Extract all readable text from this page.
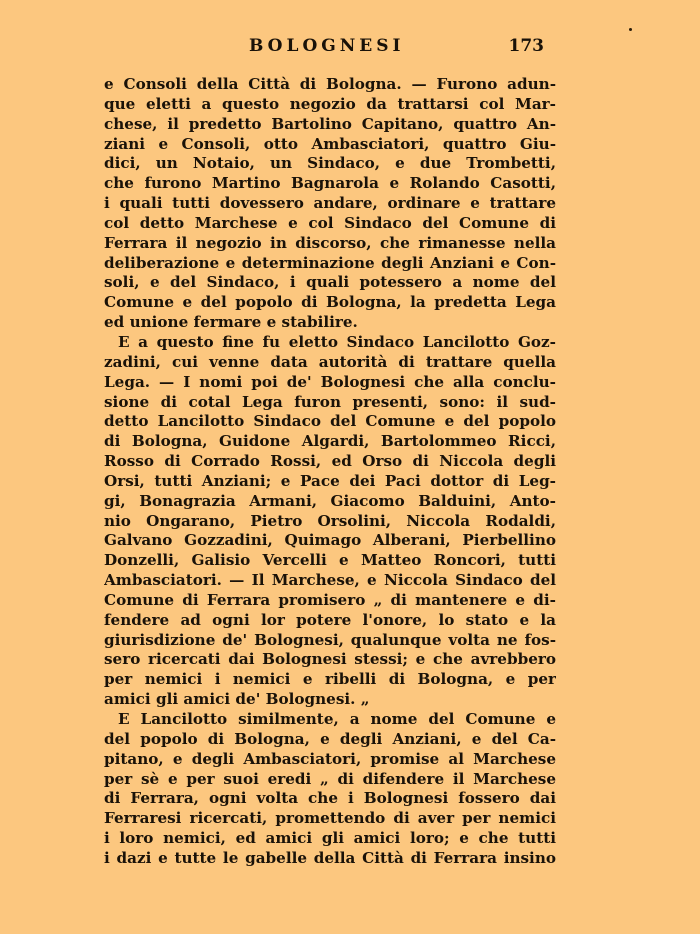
BOLOGNESI	173
e Consoli della Città di Bologna. — Furono adun-
que eletti a questo negozio da trattarsi col Mar-
chese, il predetto Bartolino Capitano, quattro An-
ziani e Consoli, otto Ambasciatori, quattro Giu-
dici, un Notaio, un Sindaco, e due Trombetti,
che furono Martino Bagnarola e Rolando Casotti,
i quali tutti dovessero andare, ordinare e trattare
col detto Marchese e col Sindaco del Comune di
Ferrara il negozio in discorso, che rimanesse nella
deliberazione e determinazione degli Anziani e Con-
soli, e del Sindaco, i quali potessero a nome del
Comune e del popolo di Bologna, la predetta Lega
ed unione fermare e stabilire.
E a questo fine fu eletto Sindaco Lancilotto Goz-
zadini, cui venne data autorità di trattare quella
Lega. — I nomi poi de' Bolognesi che alla conclu-
sione di cotal Lega furon presenti, sono: il sud-
detto Lancilotto Sindaco del Comune e del popolo
di Bologna, Guidone Algardi, Bartolommeo Ricci,
Rosso di Corrado Rossi, ed Orso di Niccola degli
Orsi, tutti Anziani; e Pace dei Paci dottor di Leg-
gi, Bonagrazia Armani, Giacomo Balduini, Anto-
nio Ongarano, Pietro Orsolini, Niccola Rodaldi,
Galvano Gozzadini, Quimago Alberani, Pierbellino
Donzelli, Galisio Vercelli e Matteo Roncori, tutti
Ambasciatori. — Il Marchese, e Niccola Sindaco del
Comune di Ferrara promisero „ di mantenere e di-
fendere ad ogni lor potere l'onore, lo stato e la
giurisdizione de' Bolognesi, qualunque volta ne fos-
sero ricercati dai Bolognesi stessi; e che avrebbero
per nemici i nemici e ribelli di Bologna, e per
amici gli amici de' Bolognesi. „
E Lancilotto similmente, a nome del Comune e
del popolo di Bologna, e degli Anziani, e del Ca-
pitano, e degli Ambasciatori, promise al Marchese
per sè e per suoi eredi „ di difendere il Marchese
di Ferrara, ogni volta che i Bolognesi fossero dai
Ferraresi ricercati, promettendo di aver per nemici
i loro nemici, ed amici gli amici loro; e che tutti
i dazi e tutte le gabelle della Città di Ferrara insino
